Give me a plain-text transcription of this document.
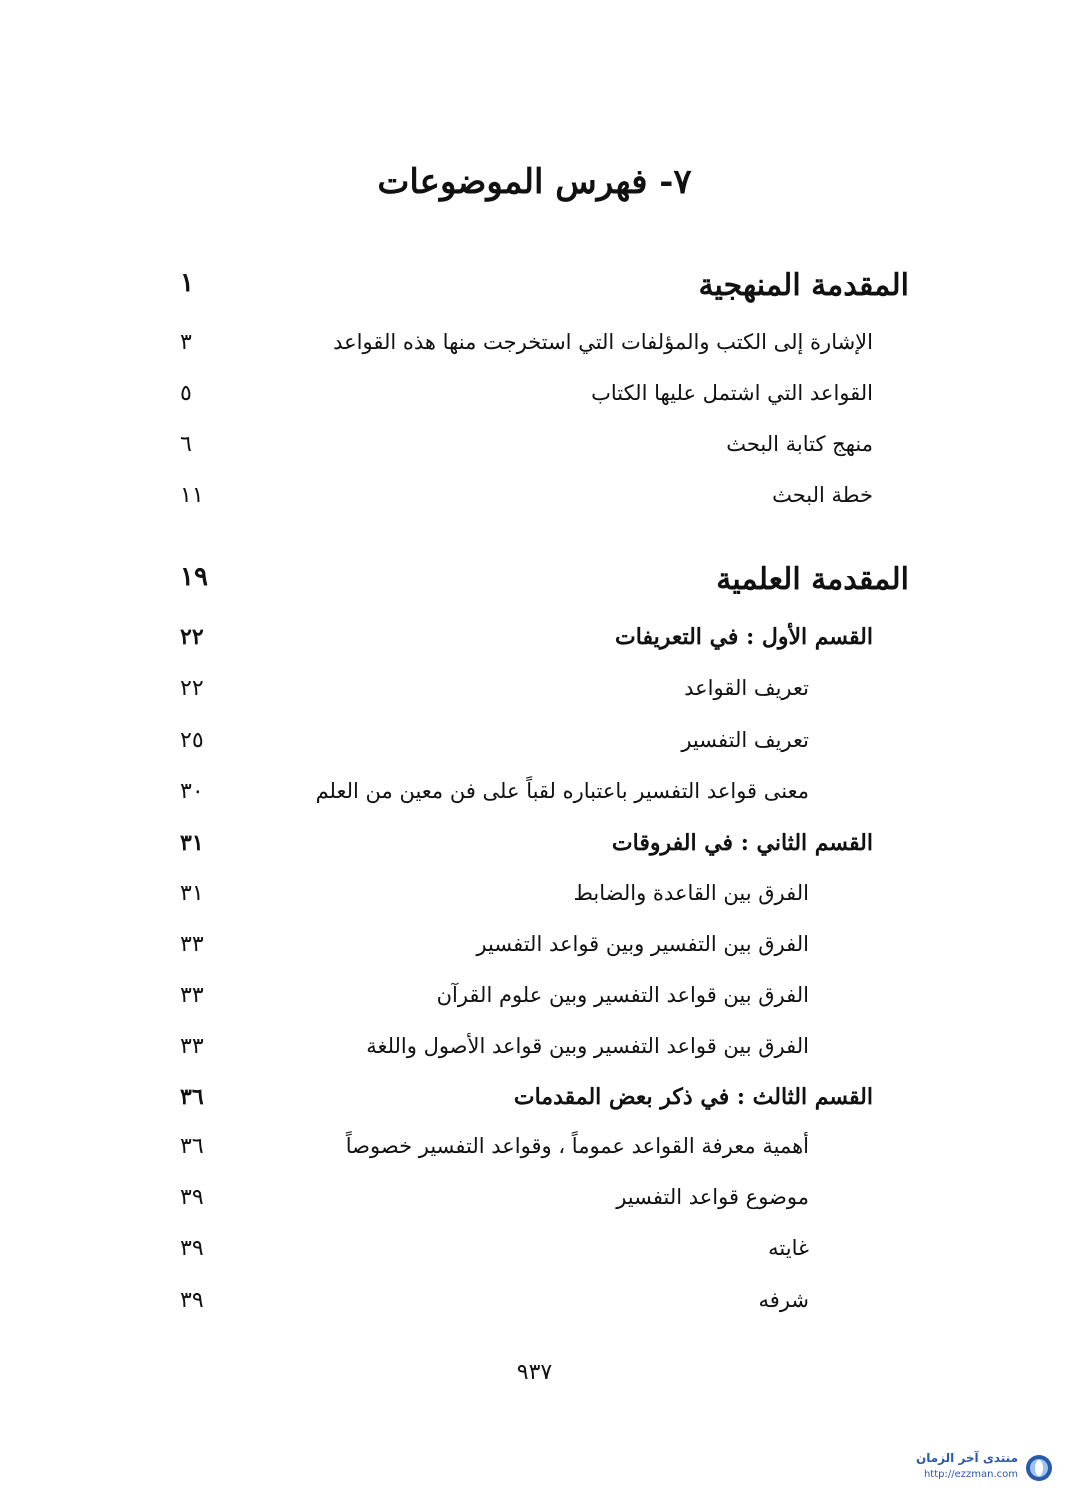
٧- فهرس الموضوعات
المقدمة المنهجية
١
الإشارة إلى الكتب والمؤلفات التي استخرجت منها هذه القواعد
٣
القواعد التي اشتمل عليها الكتاب
٥
منهج كتابة البحث
٦
خطة البحث
١١
المقدمة العلمية
١٩
القسم الأول : في التعريفات
٢٢
تعريف القواعد
٢٢
تعريف التفسير
٢٥
معنى قواعد التفسير باعتباره لقباً على فن معين من العلم
٣٠
القسم الثاني : في الفروقات
٣١
الفرق بين القاعدة والضابط
٣١
الفرق بين التفسير وبين قواعد التفسير
٣٣
الفرق بين قواعد التفسير وبين علوم القرآن
٣٣
الفرق بين قواعد التفسير وبين قواعد الأصول واللغة
٣٣
القسم الثالث : في ذكر بعض المقدمات
٣٦
أهمية معرفة القواعد عموماً ، وقواعد التفسير خصوصاً
٣٦
موضوع قواعد التفسير
٣٩
غايته
٣٩
شرفه
٣٩
٩٣٧
منتدى آخر الزمان
http://ezzman.com
